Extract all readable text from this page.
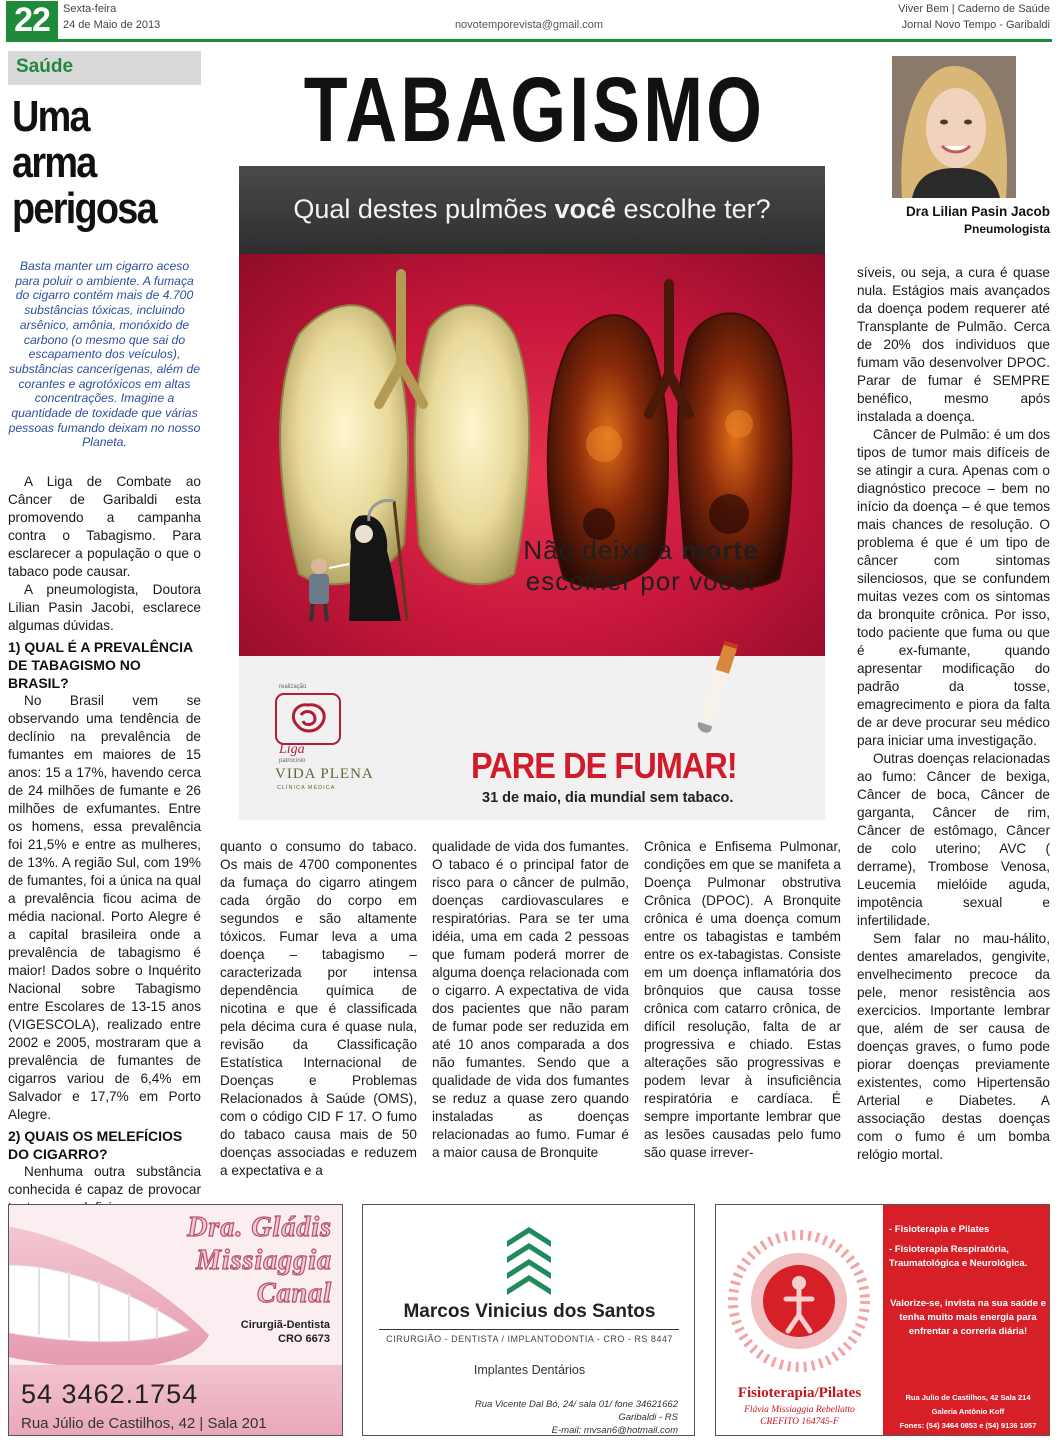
22	Sexta-feira
24 de Maio de 2013	novotemporevista@gmail.com
Viver Bem | Caderno de Saúde
Jornal Novo Tempo - Garibaldi
Saúde
Uma
arma
perigosa
Basta manter um cigarro aceso para poluir o ambiente. A fumaça do cigarro contém mais de 4.700 substâncias tóxicas, incluindo arsênico, amônia, monóxido de carbono (o mesmo que sai do escapamento dos veículos), substâncias cancerígenas, além de corantes e agrotóxicos em altas concentrações. Imagine a quantidade de toxidade que várias pessoas fumando deixam no nosso Planeta.

A Liga de Combate ao Câncer de Garibaldi esta promovendo a campanha contra o Tabagismo. Para esclarecer a população o que o tabaco pode causar.

A pneumologista, Doutora Lilian Pasin Jacobi, esclarece algumas dúvidas.

1) QUAL É A PREVALÊNCIA DE TABAGISMO NO BRASIL?

No Brasil vem se observando uma tendência de declínio na prevalência de fumantes em maiores de 15 anos: 15 a 17%, havendo cerca de 24 milhões de fumante e 26 milhões de exfumantes. Entre os homens, essa prevalência foi 21,5% e entre as mulheres, de 13%. A região Sul, com 19% de fumantes, foi a única na qual a prevalência ficou acima de média nacional. Porto Alegre é a capital brasileira onde a prevalência de tabagismo é maior! Dados sobre o Inquérito Nacional sobre Tabagismo entre Escolares de 13-15 anos (VIGESCOLA), realizado entre 2002 e 2005, mostraram que a prevalência de fumantes de cigarros variou de 6,4% em Salvador e 17,7% em Porto Alegre.

2) QUAIS OS MELEFÍCIOS DO CIGARRO?

Nenhuma outra substância conhecida é capaz de provocar

TABAGISMO
Qual destes pulmões você escolhe ter?
Não deixe a morte
escolher por você!
PARE DE FUMAR!
31 de maio, dia mundial sem tabaco.
realização
Liga
patrocínio
VIDA PLENA
CLÍNICA MÉDICA
Dra Lilian Pasin Jacob
Pneumologista

quanto o consumo do tabaco. Os mais de 4700 componentes da fumaça do cigarro atingem cada órgão do corpo em segundos e são altamente tóxicos. Fumar leva a uma doença – tabagismo – caracterizada por intensa dependência química de nicotina e que é classificada pela décima cura é quase nula, revisão da Classificação Estatística Internacional de Doenças e Problemas Relacionados à Saúde (OMS), com o código CID F 17. O fumo do tabaco causa mais de 50 doenças associadas e reduzem a expectativa e a

qualidade de vida dos fumantes. O tabaco é o principal fator de risco para o câncer de pulmão, doenças cardiovasculares e respiratórias. Para se ter uma idéia, uma em cada 2 pessoas que fumam poderá morrer de alguma doença relacionada com o cigarro. A expectativa de vida dos pacientes que não param de fumar pode ser reduzida em até 10 anos comparada a dos não fumantes. Sendo que a qualidade de vida dos fumantes se reduz a quase zero quando instaladas as doenças relacionadas ao fumo. Fumar é a maior causa de Bronquite

Crônica e Enfisema Pulmonar, condições em que se manifeta a Doença Pulmonar obstrutiva Crônica (DPOC). A Bronquite crônica é uma doença comum entre os tabagistas e também entre os ex-tabagistas. Consiste em um doença inflamatória dos brônquios que causa tosse crônica com catarro crônica, de difícil resolução, falta de ar progressiva e chiado. Estas alterações são progressivas e podem levar à insuficiência respiratória e cardíaca. É sempre importante lembrar que as lesões causadas pelo fumo são quase irrever-

síveis, ou seja, a cura é quase nula. Estágios mais avançados da doença podem requerer até Transplante de Pulmão. Cerca de 20% dos individuos que fumam vão desenvolver DPOC. Parar de fumar é SEMPRE benéfico, mesmo após instalada a doença.

Câncer de Pulmão: é um dos tipos de tumor mais difíceis de se atingir a cura. Apenas com o diagnóstico precoce – bem no início da doença – é que temos mais chances de resolução. O problema é que é um tipo de câncer com sintomas silenciosos, que se confundem muitas vezes com os sintomas da bronquite crônica. Por isso, todo paciente que fuma ou que é ex-fumante, quando apresentar modificação do padrão da tosse, emagrecimento e piora da falta de ar deve procurar seu médico para iniciar uma investigação.

Outras doenças relacionadas ao fumo: Câncer de bexiga, Câncer de boca, Câncer de garganta, Câncer de rim, Câncer de estômago, Câncer de colo uterino; AVC ( derrame), Trombose Venosa, Leucemia mielóide aguda, impotência sexual e infertilidade.

Sem falar no mau-hálito, dentes amarelados, gengivite, envelhecimento precoce da pele, menor resistência aos exercicios. Importante lembrar que, além de ser causa de doenças graves, o fumo pode piorar doenças previamente existentes, como Hipertensão Arterial e Diabetes. A associação destas doenças com o fumo é um bomba relógio mortal.

Dra. Gládis
Missiaggia
Canal
Cirurgiã-Dentista
CRO 6673
54 3462.1754
Rua Júlio de Castilhos, 42 | Sala 201
Marcos Vinicius dos Santos
CIRURGIÃO - DENTISTA / IMPLANTODONTIA - CRO - RS 8447
Implantes Dentários
Rua Vicente Dal Bó, 24/ sala 01/ fone 34621662
Garibaldi - RS
E-mail: mvsan6@hotmail.com
Fisioterapia/Pilates
Flávia Missiaggia Rebellatto
CREFITO 164745-F
- Fisioterapia e Pilates
- Fisioterapia Respiratória, Traumatológica e Neurológica.
Valorize-se, invista na sua saúde e tenha muito mais energia para enfrentar a correria diária!
Rua Julio de Castilhos, 42 Sala 214
Galeria Antônio Koff
Fones: (54) 3464 0853 e (54) 9136 1057
